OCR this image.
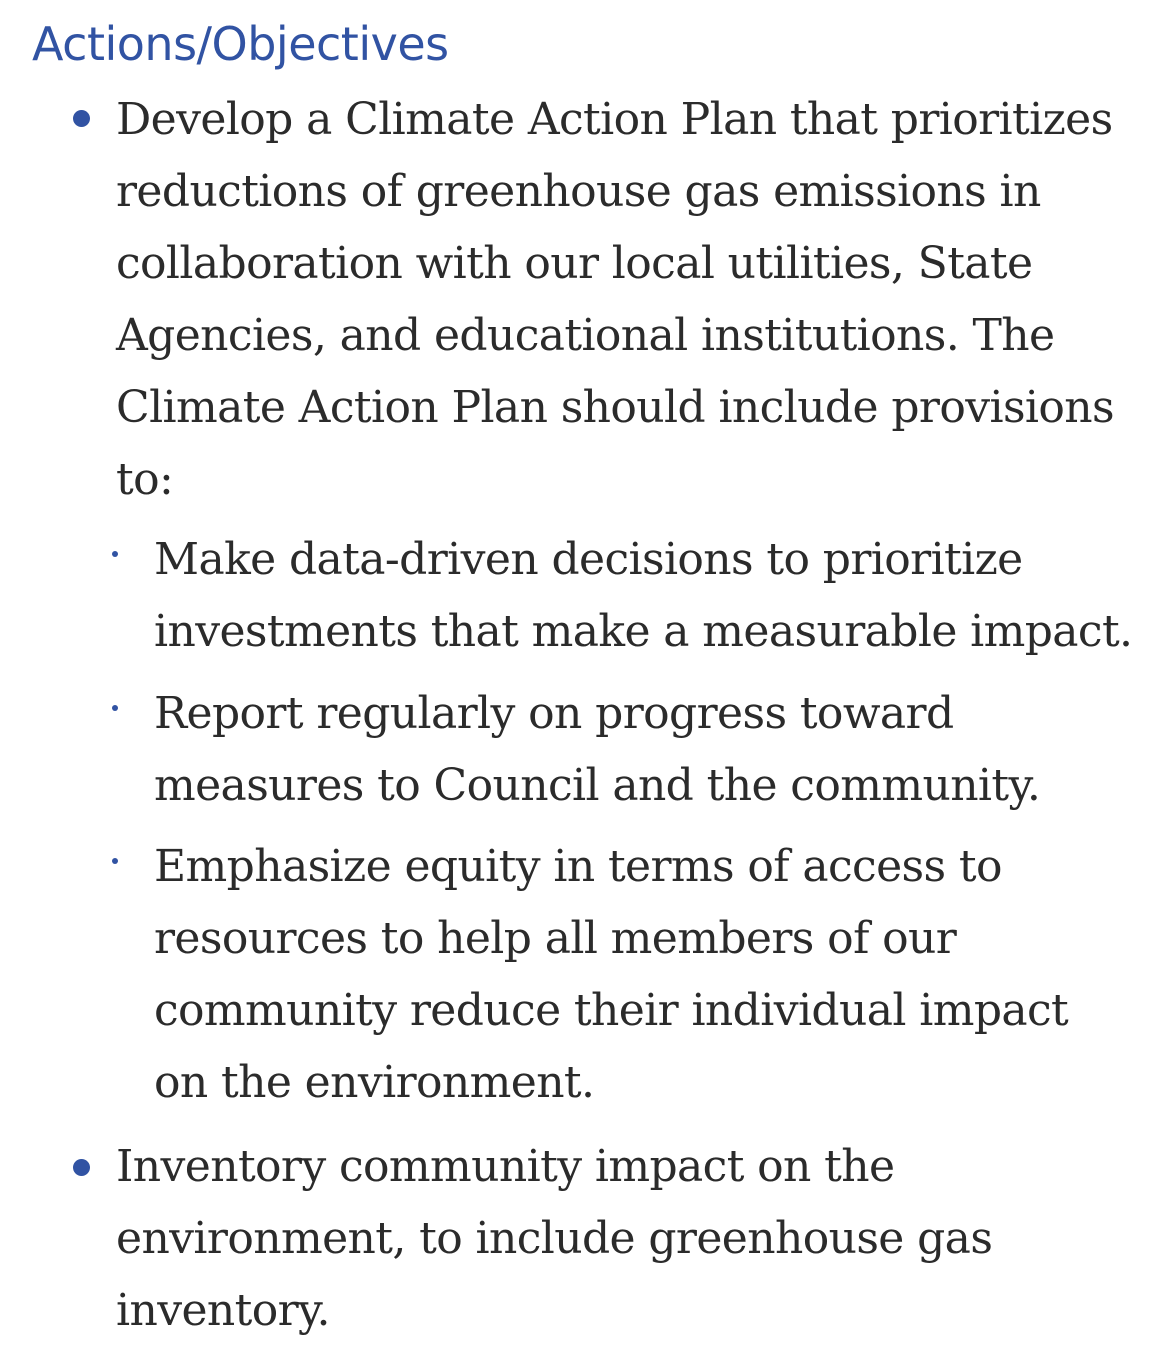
Actions/Objectives
Develop a Climate Action Plan that prioritizes reductions of greenhouse gas emissions in collaboration with our local utilities, State Agencies, and educational institutions. The Climate Action Plan should include provisions to:
Make data-driven decisions to prioritize investments that make a measurable impact.
Report regularly on progress toward measures to Council and the community.
Emphasize equity in terms of access to resources to help all members of our community reduce their individual impact on the environment.
Inventory community impact on the environment, to include greenhouse gas inventory.
